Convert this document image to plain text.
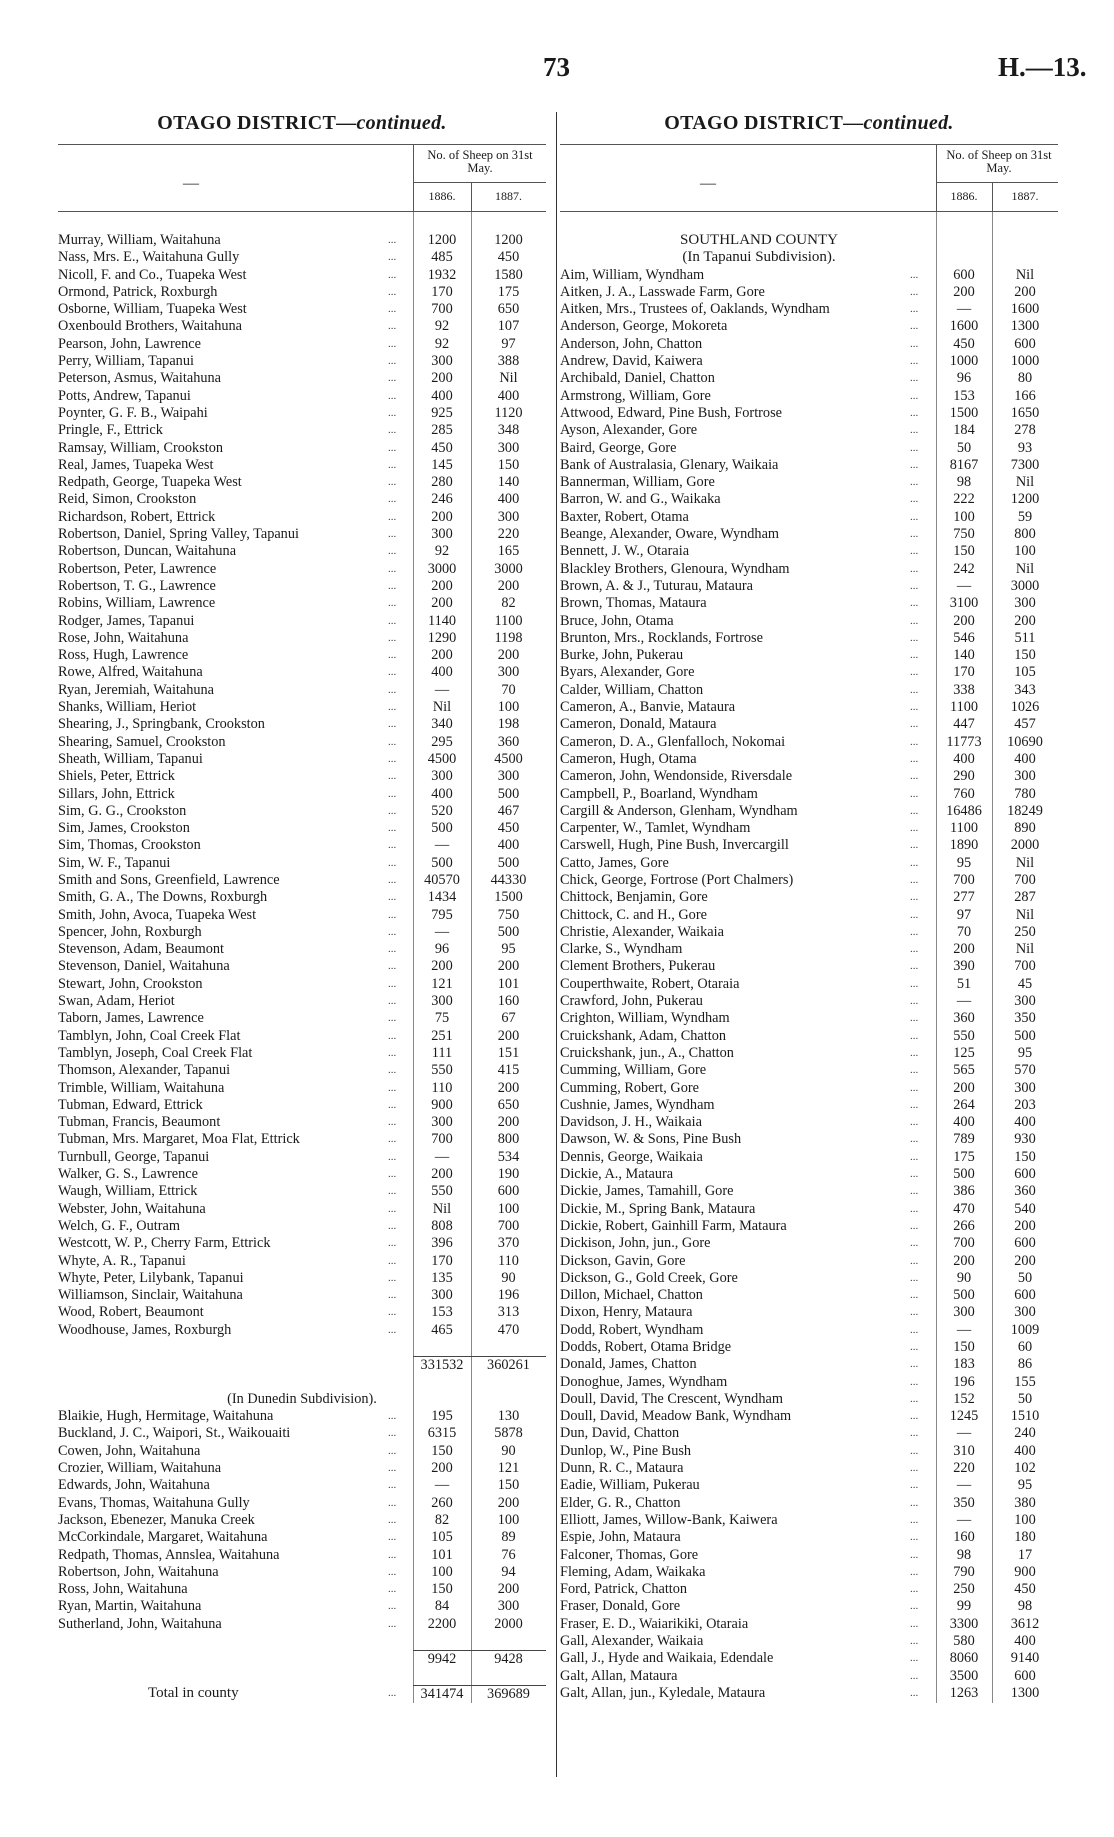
73	H.—13.
OTAGO DISTRICT—continued.
—
No. of Sheep on 31st May.
1886.	1887.
Murray, William, Waitahuna	...	1200	1200
Nass, Mrs. E., Waitahuna Gully	...	485	450
Nicoll, F. and Co., Tuapeka West	...	1932	1580
Ormond, Patrick, Roxburgh	...	170	175
Osborne, William, Tuapeka West	...	700	650
Oxenbould Brothers, Waitahuna	...	92	107
Pearson, John, Lawrence	...	92	97
Perry, William, Tapanui	...	300	388
Peterson, Asmus, Waitahuna	...	200	Nil
Potts, Andrew, Tapanui	...	400	400
Poynter, G. F. B., Waipahi	...	925	1120
Pringle, F., Ettrick	...	285	348
Ramsay, William, Crookston	...	450	300
Real, James, Tuapeka West	...	145	150
Redpath, George, Tuapeka West	...	280	140
Reid, Simon, Crookston	...	246	400
Richardson, Robert, Ettrick	...	200	300
Robertson, Daniel, Spring Valley, Tapanui	...	300	220
Robertson, Duncan, Waitahuna	...	92	165
Robertson, Peter, Lawrence	...	3000	3000
Robertson, T. G., Lawrence	...	200	200
Robins, William, Lawrence	...	200	82
Rodger, James, Tapanui	...	1140	1100
Rose, John, Waitahuna	...	1290	1198
Ross, Hugh, Lawrence	...	200	200
Rowe, Alfred, Waitahuna	...	400	300
Ryan, Jeremiah, Waitahuna	...	—	70
Shanks, William, Heriot	...	Nil	100
Shearing, J., Springbank, Crookston	...	340	198
Shearing, Samuel, Crookston	...	295	360
Sheath, William, Tapanui	...	4500	4500
Shiels, Peter, Ettrick	...	300	300
Sillars, John, Ettrick	...	400	500
Sim, G. G., Crookston	...	520	467
Sim, James, Crookston	...	500	450
Sim, Thomas, Crookston	...	—	400
Sim, W. F., Tapanui	...	500	500
Smith and Sons, Greenfield, Lawrence	...	40570	44330
Smith, G. A., The Downs, Roxburgh	...	1434	1500
Smith, John, Avoca, Tuapeka West	...	795	750
Spencer, John, Roxburgh	...	—	500
Stevenson, Adam, Beaumont	...	96	95
Stevenson, Daniel, Waitahuna	...	200	200
Stewart, John, Crookston	...	121	101
Swan, Adam, Heriot	...	300	160
Taborn, James, Lawrence	...	75	67
Tamblyn, John, Coal Creek Flat	...	251	200
Tamblyn, Joseph, Coal Creek Flat	...	111	151
Thomson, Alexander, Tapanui	...	550	415
Trimble, William, Waitahuna	...	110	200
Tubman, Edward, Ettrick	...	900	650
Tubman, Francis, Beaumont	...	300	200
Tubman, Mrs. Margaret, Moa Flat, Ettrick	...	700	800
Turnbull, George, Tapanui	...	—	534
Walker, G. S., Lawrence	...	200	190
Waugh, William, Ettrick	...	550	600
Webster, John, Waitahuna	...	Nil	100
Welch, G. F., Outram	...	808	700
Westcott, W. P., Cherry Farm, Ettrick	...	396	370
Whyte, A. R., Tapanui	...	170	110
Whyte, Peter, Lilybank, Tapanui	...	135	90
Williamson, Sinclair, Waitahuna	...	300	196
Wood, Robert, Beaumont	...	153	313
Woodhouse, James, Roxburgh	...	465	470
331532	360261
(In Dunedin Subdivision).
Blaikie, Hugh, Hermitage, Waitahuna	...	195	130
Buckland, J. C., Waipori, St., Waikouaiti	...	6315	5878
Cowen, John, Waitahuna	...	150	90
Crozier, William, Waitahuna	...	200	121
Edwards, John, Waitahuna	...	—	150
Evans, Thomas, Waitahuna Gully	...	260	200
Jackson, Ebenezer, Manuka Creek	...	82	100
McCorkindale, Margaret, Waitahuna	...	105	89
Redpath, Thomas, Annslea, Waitahuna	...	101	76
Robertson, John, Waitahuna	...	100	94
Ross, John, Waitahuna	...	150	200
Ryan, Martin, Waitahuna	...	84	300
Sutherland, John, Waitahuna	...	2200	2000
9942	9428
Total in county	...	341474	369689
OTAGO DISTRICT—continued.
—
No. of Sheep on 31st May.
1886.	1887.
SOUTHLAND COUNTY
(In Tapanui Subdivision).
Aim, William, Wyndham	...	600	Nil
Aitken, J. A., Lasswade Farm, Gore	...	200	200
Aitken, Mrs., Trustees of, Oaklands, Wyndham	...	—	1600
Anderson, George, Mokoreta	...	1600	1300
Anderson, John, Chatton	...	450	600
Andrew, David, Kaiwera	...	1000	1000
Archibald, Daniel, Chatton	...	96	80
Armstrong, William, Gore	...	153	166
Attwood, Edward, Pine Bush, Fortrose	...	1500	1650
Ayson, Alexander, Gore	...	184	278
Baird, George, Gore	...	50	93
Bank of Australasia, Glenary, Waikaia	...	8167	7300
Bannerman, William, Gore	...	98	Nil
Barron, W. and G., Waikaka	...	222	1200
Baxter, Robert, Otama	...	100	59
Beange, Alexander, Oware, Wyndham	...	750	800
Bennett, J. W., Otaraia	...	150	100
Blackley Brothers, Glenoura, Wyndham	...	242	Nil
Brown, A. & J., Tuturau, Mataura	...	—	3000
Brown, Thomas, Mataura	...	3100	300
Bruce, John, Otama	...	200	200
Brunton, Mrs., Rocklands, Fortrose	...	546	511
Burke, John, Pukerau	...	140	150
Byars, Alexander, Gore	...	170	105
Calder, William, Chatton	...	338	343
Cameron, A., Banvie, Mataura	...	1100	1026
Cameron, Donald, Mataura	...	447	457
Cameron, D. A., Glenfalloch, Nokomai	...	11773	10690
Cameron, Hugh, Otama	...	400	400
Cameron, John, Wendonside, Riversdale	...	290	300
Campbell, P., Boarland, Wyndham	...	760	780
Cargill & Anderson, Glenham, Wyndham	...	16486	18249
Carpenter, W., Tamlet, Wyndham	...	1100	890
Carswell, Hugh, Pine Bush, Invercargill	...	1890	2000
Catto, James, Gore	...	95	Nil
Chick, George, Fortrose (Port Chalmers)	...	700	700
Chittock, Benjamin, Gore	...	277	287
Chittock, C. and H., Gore	...	97	Nil
Christie, Alexander, Waikaia	...	70	250
Clarke, S., Wyndham	...	200	Nil
Clement Brothers, Pukerau	...	390	700
Couperthwaite, Robert, Otaraia	...	51	45
Crawford, John, Pukerau	...	—	300
Crighton, William, Wyndham	...	360	350
Cruickshank, Adam, Chatton	...	550	500
Cruickshank, jun., A., Chatton	...	125	95
Cumming, William, Gore	...	565	570
Cumming, Robert, Gore	...	200	300
Cushnie, James, Wyndham	...	264	203
Davidson, J. H., Waikaia	...	400	400
Dawson, W. & Sons, Pine Bush	...	789	930
Dennis, George, Waikaia	...	175	150
Dickie, A., Mataura	...	500	600
Dickie, James, Tamahill, Gore	...	386	360
Dickie, M., Spring Bank, Mataura	...	470	540
Dickie, Robert, Gainhill Farm, Mataura	...	266	200
Dickison, John, jun., Gore	...	700	600
Dickson, Gavin, Gore	...	200	200
Dickson, G., Gold Creek, Gore	...	90	50
Dillon, Michael, Chatton	...	500	600
Dixon, Henry, Mataura	...	300	300
Dodd, Robert, Wyndham	...	—	1009
Dodds, Robert, Otama Bridge	...	150	60
Donald, James, Chatton	...	183	86
Donoghue, James, Wyndham	...	196	155
Doull, David, The Crescent, Wyndham	...	152	50
Doull, David, Meadow Bank, Wyndham	...	1245	1510
Dun, David, Chatton	...	—	240
Dunlop, W., Pine Bush	...	310	400
Dunn, R. C., Mataura	...	220	102
Eadie, William, Pukerau	...	—	95
Elder, G. R., Chatton	...	350	380
Elliott, James, Willow-Bank, Kaiwera	...	—	100
Espie, John, Mataura	...	160	180
Falconer, Thomas, Gore	...	98	17
Fleming, Adam, Waikaka	...	790	900
Ford, Patrick, Chatton	...	250	450
Fraser, Donald, Gore	...	99	98
Fraser, E. D., Waiarikiki, Otaraia	...	3300	3612
Gall, Alexander, Waikaia	...	580	400
Gall, J., Hyde and Waikaia, Edendale	...	8060	9140
Galt, Allan, Mataura	...	3500	600
Galt, Allan, jun., Kyledale, Mataura	...	1263	1300
